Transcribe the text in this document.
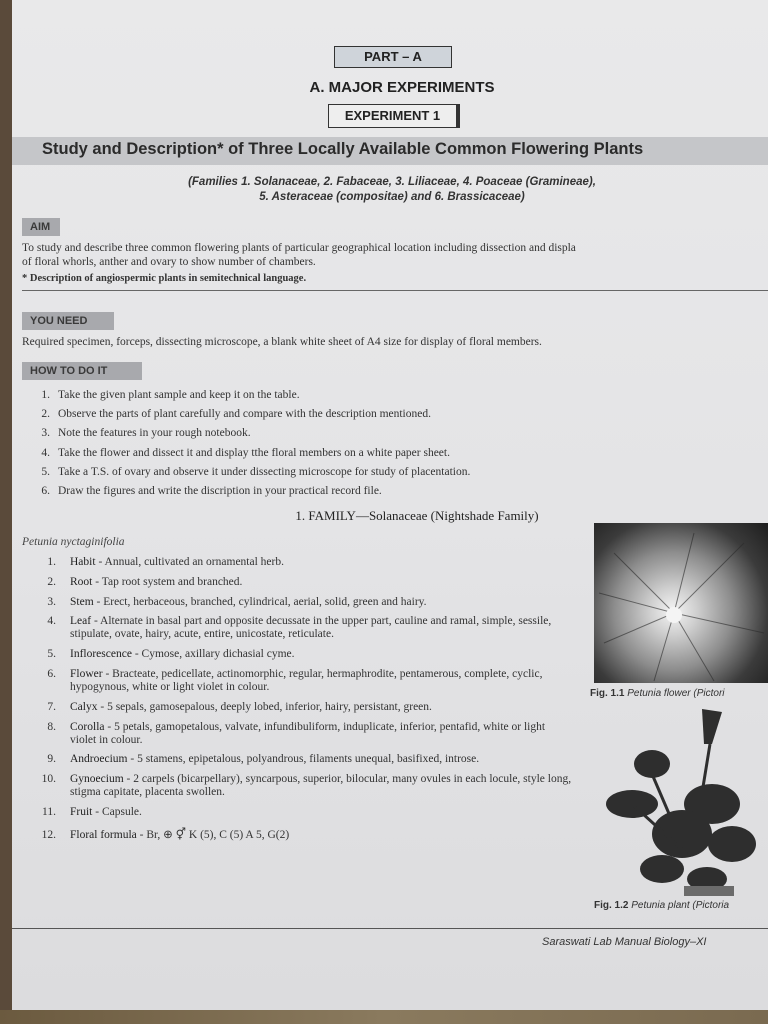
PART – A
A. MAJOR EXPERIMENTS
EXPERIMENT 1
Study and Description* of Three Locally Available Common Flowering Plants
(Families 1. Solanaceae, 2. Fabaceae, 3. Liliaceae, 4. Poaceae (Gramineae),
5. Asteraceae (compositae) and 6. Brassicaceae)
AIM
To study and describe three common flowering plants of particular geographical location including dissection and displa
of floral whorls, anther and ovary to show number of chambers.
* Description of angiospermic plants in semitechnical language.
YOU NEED
Required specimen, forceps, dissecting microscope, a blank white sheet of A4 size for display of floral members.
HOW TO DO IT
1. Take the given plant sample and keep it on the table.
2. Observe the parts of plant carefully and compare with the description mentioned.
3. Note the features in your rough notebook.
4. Take the flower and dissect it and display tthe floral members on a white paper sheet.
5. Take a T.S. of ovary and observe it under dissecting microscope for study of placentation.
6. Draw the figures and write the discription in your practical record file.
1. FAMILY—Solanaceae (Nightshade Family)
Petunia nyctaginifolia
1. Habit - Annual, cultivated an ornamental herb.
2. Root - Tap root system and branched.
3. Stem - Erect, herbaceous, branched, cylindrical, aerial, solid, green and hairy.
4. Leaf - Alternate in basal part and opposite decussate in the upper part, cauline and ramal, simple, sessile, stipulate, ovate, hairy, acute, entire, unicostate, reticulate.
5. Inflorescence - Cymose, axillary dichasial cyme.
6. Flower - Bracteate, pedicellate, actinomorphic, regular, hermaphrodite, pentamerous, complete, cyclic, hypogynous, white or light violet in colour.
7. Calyx - 5 sepals, gamosepalous, deeply lobed, inferior, hairy, persistant, green.
8. Corolla - 5 petals, gamopetalous, valvate, infundibuliform, induplicate, inferior, pentafid, white or light violet in colour.
9. Androecium - 5 stamens, epipetalous, polyandrous, filaments unequal, basifixed, introse.
10. Gynoecium - 2 carpels (bicarpellary), syncarpous, superior, bilocular, many ovules in each locule, style long, stigma capitate, placenta swollen.
11. Fruit - Capsule.
12. Floral formula - Br, ⊕ ⚥ K (5), C (5) A 5, G(2)
Fig. 1.1 Petunia flower (Pictori
Fig. 1.2 Petunia plant (Pictoria
Saraswati Lab Manual Biology–XI
